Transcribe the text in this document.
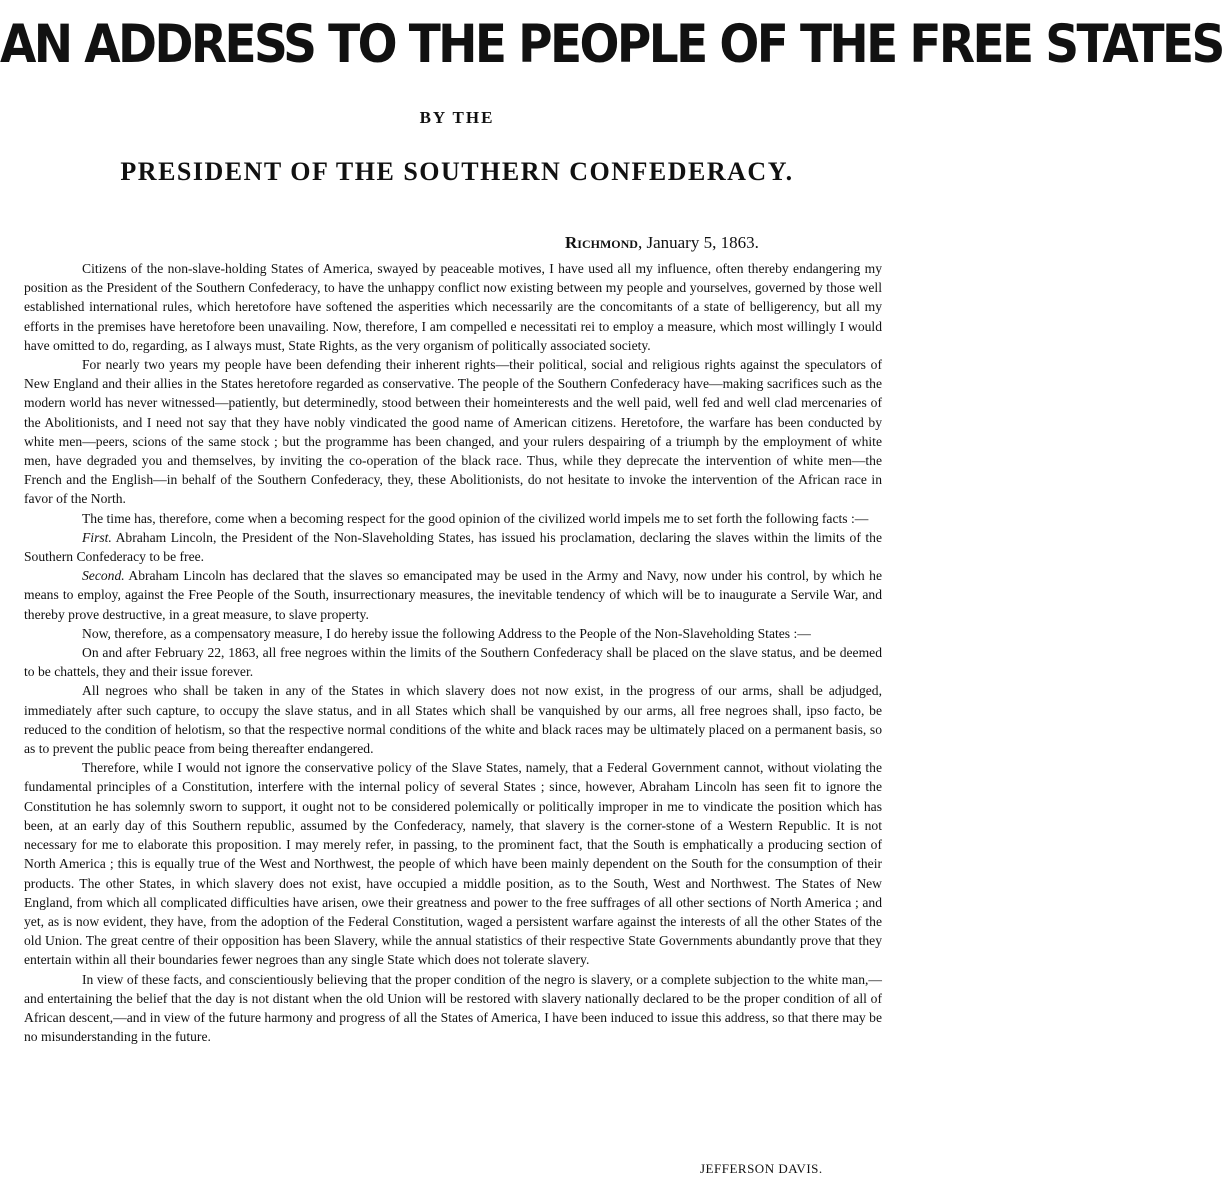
AN ADDRESS TO THE PEOPLE OF THE FREE STATES
BY THE
PRESIDENT OF THE SOUTHERN CONFEDERACY.
Richmond, January 5, 1863.

Citizens of the non-slave-holding States of America, swayed by peaceable motives, I have used all my influence, often thereby endangering my position as the President of the Southern Confederacy, to have the unhappy conflict now existing between my people and yourselves, governed by those well established international rules, which heretofore have softened the asperities which necessarily are the concomitants of a state of belligerency, but all my efforts in the premises have heretofore been unavailing. Now, therefore, I am compelled e necessitati rei to employ a measure, which most willingly I would have omitted to do, regarding, as I always must, State Rights, as the very organism of politically associated society.

For nearly two years my people have been defending their inherent rights—their political, social and religious rights against the speculators of New England and their allies in the States heretofore regarded as conservative. The people of the Southern Confederacy have—making sacrifices such as the modern world has never witnessed—patiently, but determinedly, stood between their homeinterests and the well paid, well fed and well clad mercenaries of the Abolitionists, and I need not say that they have nobly vindicated the good name of American citizens. Heretofore, the warfare has been conducted by white men—peers, scions of the same stock ; but the programme has been changed, and your rulers despairing of a triumph by the employment of white men, have degraded you and themselves, by inviting the co-operation of the black race. Thus, while they deprecate the intervention of white men—the French and the English—in behalf of the Southern Confederacy, they, these Abolitionists, do not hesitate to invoke the intervention of the African race in favor of the North.

The time has, therefore, come when a becoming respect for the good opinion of the civilized world impels me to set forth the following facts :—

First. Abraham Lincoln, the President of the Non-Slaveholding States, has issued his proclamation, declaring the slaves within the limits of the Southern Confederacy to be free.

Second. Abraham Lincoln has declared that the slaves so emancipated may be used in the Army and Navy, now under his control, by which he means to employ, against the Free People of the South, insurrectionary measures, the inevitable tendency of which will be to inaugurate a Servile War, and thereby prove destructive, in a great measure, to slave property.

Now, therefore, as a compensatory measure, I do hereby issue the following Address to the People of the Non-Slaveholding States :—

On and after February 22, 1863, all free negroes within the limits of the Southern Confederacy shall be placed on the slave status, and be deemed to be chattels, they and their issue forever.

All negroes who shall be taken in any of the States in which slavery does not now exist, in the progress of our arms, shall be adjudged, immediately after such capture, to occupy the slave status, and in all States which shall be vanquished by our arms, all free negroes shall, ipso facto, be reduced to the condition of helotism, so that the respective normal conditions of the white and black races may be ultimately placed on a permanent basis, so as to prevent the public peace from being thereafter endangered.

Therefore, while I would not ignore the conservative policy of the Slave States, namely, that a Federal Government cannot, without violating the fundamental principles of a Constitution, interfere with the internal policy of several States ; since, however, Abraham Lincoln has seen fit to ignore the Constitution he has solemnly sworn to support, it ought not to be considered polemically or politically improper in me to vindicate the position which has been, at an early day of this Southern republic, assumed by the Confederacy, namely, that slavery is the corner-stone of a Western Republic. It is not necessary for me to elaborate this proposition. I may merely refer, in passing, to the prominent fact, that the South is emphatically a producing section of North America ; this is equally true of the West and Northwest, the people of which have been mainly dependent on the South for the consumption of their products. The other States, in which slavery does not exist, have occupied a middle position, as to the South, West and Northwest. The States of New England, from which all complicated difficulties have arisen, owe their greatness and power to the free suffrages of all other sections of North America ; and yet, as is now evident, they have, from the adoption of the Federal Constitution, waged a persistent warfare against the interests of all the other States of the old Union. The great centre of their opposition has been Slavery, while the annual statistics of their respective State Governments abundantly prove that they entertain within all their boundaries fewer negroes than any single State which does not tolerate slavery.

In view of these facts, and conscientiously believing that the proper condition of the negro is slavery, or a complete subjection to the white man,—and entertaining the belief that the day is not distant when the old Union will be restored with slavery nationally declared to be the proper condition of all of African descent,—and in view of the future harmony and progress of all the States of America, I have been induced to issue this address, so that there may be no misunderstanding in the future.

JEFFERSON DAVIS.
